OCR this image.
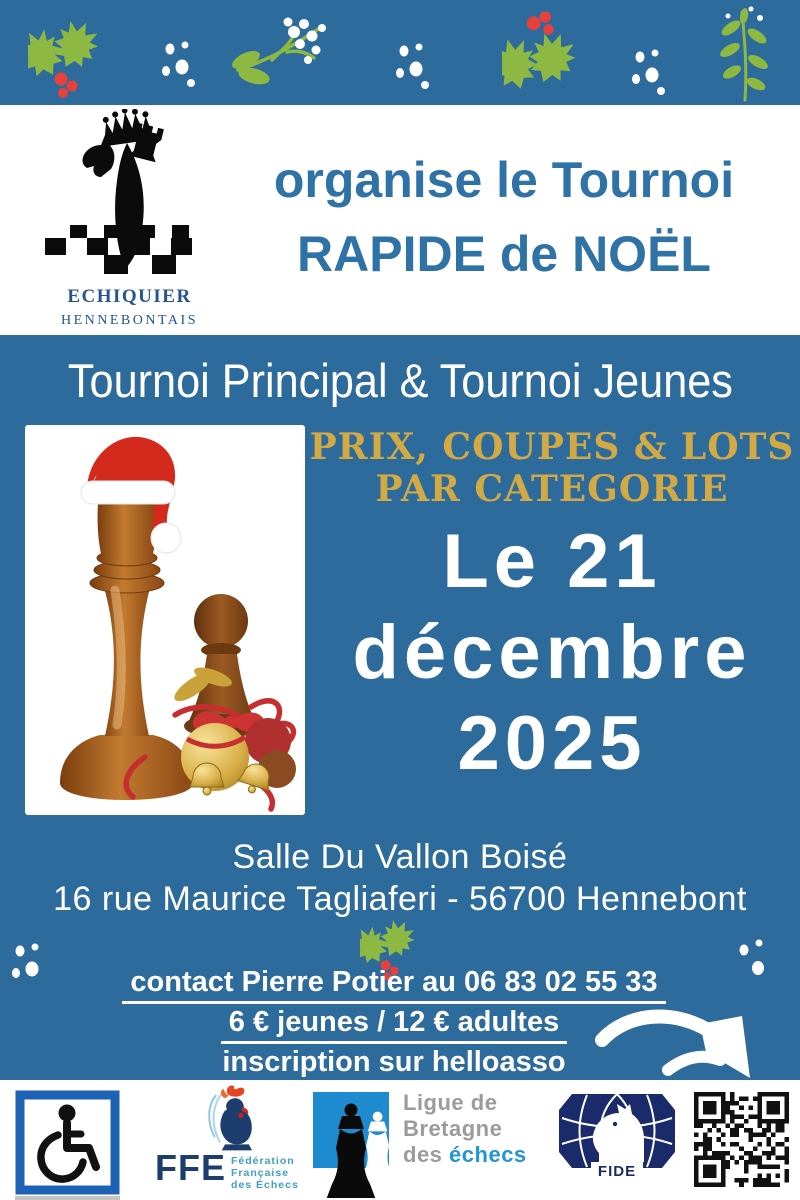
ECHIQUIER
HENNEBONTAIS
organise le Tournoi
RAPIDE de NOËL
Tournoi Principal & Tournoi Jeunes
PRIX, COUPES & LOTS
PAR CATEGORIE
Le 21
décembre
2025
Salle Du Vallon Boisé
16 rue Maurice Tagliaferi - 56700 Hennebont
contact Pierre Potier au 06 83 02 55 33
6 € jeunes / 12 € adultes
inscription sur helloasso
FFE Fédération
Française
des Échecs
Ligue de
Bretagne
des échecs
FIDE
